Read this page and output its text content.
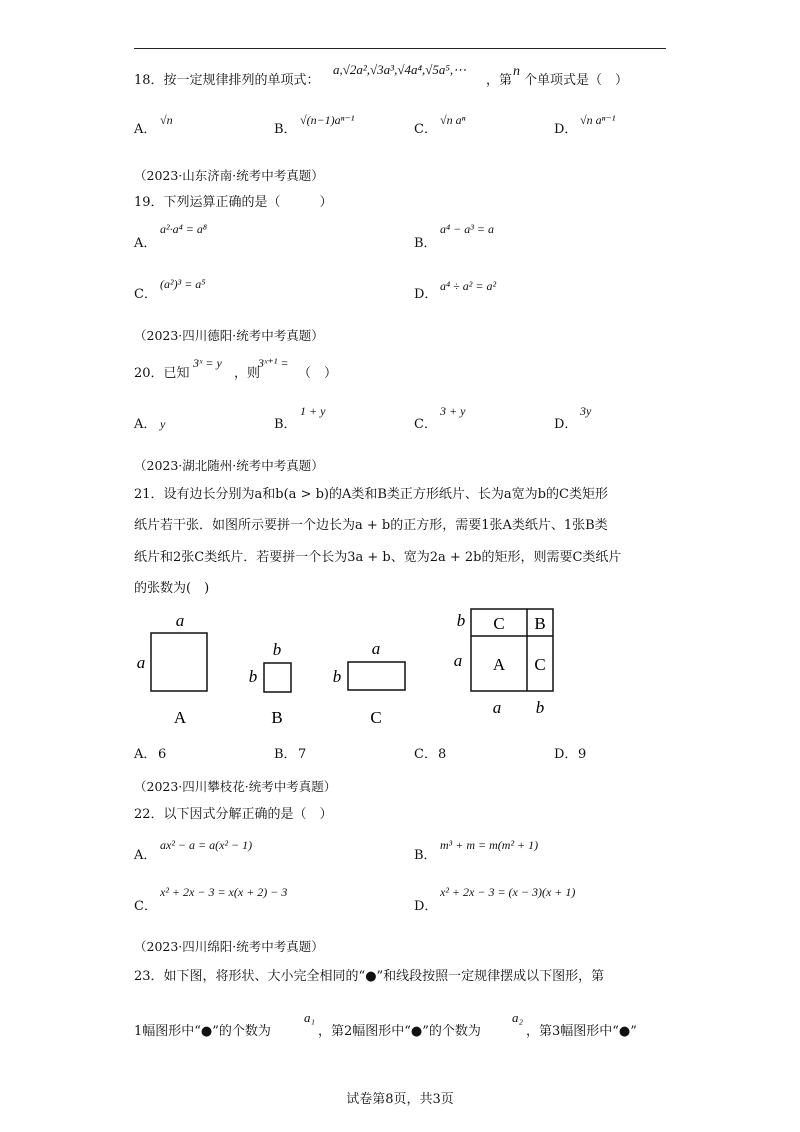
18．按一定规律排列的单项式：
a,√2a²,√3a³,√4a⁴,√5a⁵,⋯
，第
n
个单项式是（　）
A．
√n
B．
√(n−1)aⁿ⁻¹
C．
√n aⁿ
D．
√n aⁿ⁻¹
（2023·山东济南·统考中考真题）
19．下列运算正确的是（　　　）
A．
a²·a⁴ = a⁸
B．
a⁴ − a³ = a
C．
(a²)³ = a⁵
D．
a⁴ ÷ a² = a²
（2023·四川德阳·统考中考真题）
20．已知
3ˣ = y
，则
3ˣ⁺¹ =
（　）
A． y	B．
1 + y
C．
3 + y
D．
3y
（2023·湖北随州·统考中考真题）
21．设有边长分别为a和b(a > b)的A类和B类正方形纸片、长为a宽为b的C类矩形
纸片若干张．如图所示要拼一个边长为a + b的正方形，需要1张A类纸片、1张B类
纸片和2张C类纸片．若要拼一个长为3a + b、宽为2a + 2b的矩形，则需要C类纸片
的张数为(　)
a
a
A
b
b
B
a
b
C
C B
A C
b
a
a b
A． 6	B． 7	C． 8	D． 9
（2023·四川攀枝花·统考中考真题）
22．以下因式分解正确的是（　）
A．
ax² − a = a(x² − 1)
B．
m³ + m = m(m² + 1)
C．
x² + 2x − 3 = x(x + 2) − 3
D．
x² + 2x − 3 = (x − 3)(x + 1)
（2023·四川绵阳·统考中考真题）
23．如下图，将形状、大小完全相同的“●”和线段按照一定规律摆成以下图形，第
1幅图形中“●”的个数为
a₁
，第2幅图形中“●”的个数为
a₂
，第3幅图形中“●”
试卷第8页，共3页
